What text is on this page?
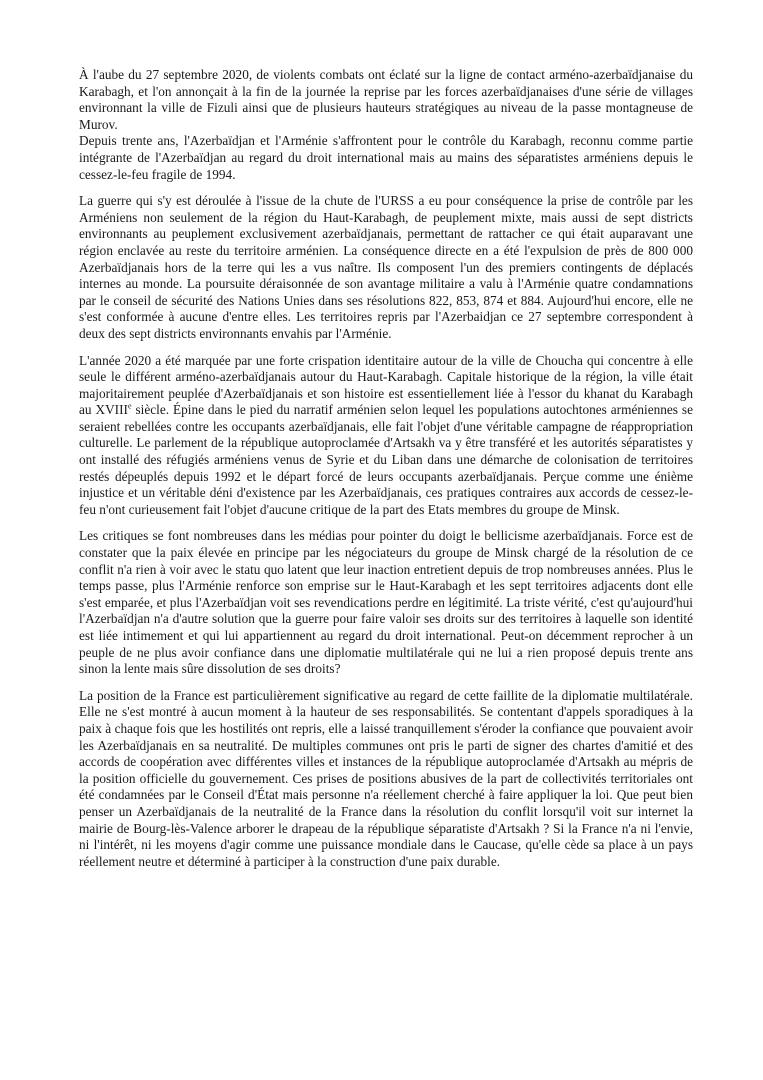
À l'aube du 27 septembre 2020, de violents combats ont éclaté sur la ligne de contact arméno-azerbaïdjanaise du Karabagh, et l'on annonçait à la fin de la journée la reprise par les forces azerbaïdjanaises d'une série de villages environnant la ville de Fizuli ainsi que de plusieurs hauteurs stratégiques au niveau de la passe montagneuse de Murov.

Depuis trente ans, l'Azerbaïdjan et l'Arménie s'affrontent pour le contrôle du Karabagh, reconnu comme partie intégrante de l'Azerbaïdjan au regard du droit international mais au mains des séparatistes arméniens depuis le cessez-le-feu fragile de 1994.

La guerre qui s'y est déroulée à l'issue de la chute de l'URSS a eu pour conséquence la prise de contrôle par les Arméniens non seulement de la région du Haut-Karabagh, de peuplement mixte, mais aussi de sept districts environnants au peuplement exclusivement azerbaïdjanais, permettant de rattacher ce qui était auparavant une région enclavée au reste du territoire arménien. La conséquence directe en a été l'expulsion de près de 800 000 Azerbaïdjanais hors de la terre qui les a vus naître. Ils composent l'un des premiers contingents de déplacés internes au monde. La poursuite déraisonnée de son avantage militaire a valu à l'Arménie quatre condamnations par le conseil de sécurité des Nations Unies dans ses résolutions 822, 853, 874 et 884. Aujourd'hui encore, elle ne s'est conformée à aucune d'entre elles. Les territoires repris par l'Azerbaidjan ce 27 septembre correspondent à deux des sept districts environnants envahis par l'Arménie.

L'année 2020 a été marquée par une forte crispation identitaire autour de la ville de Choucha qui concentre à elle seule le différent arméno-azerbaïdjanais autour du Haut-Karabagh. Capitale historique de la région, la ville était majoritairement peuplée d'Azerbaïdjanais et son histoire est essentiellement liée à l'essor du khanat du Karabagh au XVIIIe siècle. Épine dans le pied du narratif arménien selon lequel les populations autochtones arméniennes se seraient rebellées contre les occupants azerbaïdjanais, elle fait l'objet d'une véritable campagne de réappropriation culturelle. Le parlement de la république autoproclamée d'Artsakh va y être transféré et les autorités séparatistes y ont installé des réfugiés arméniens venus de Syrie et du Liban dans une démarche de colonisation de territoires restés dépeuplés depuis 1992 et le départ forcé de leurs occupants azerbaïdjanais. Perçue comme une énième injustice et un véritable déni d'existence par les Azerbaïdjanais, ces pratiques contraires aux accords de cessez-le-feu n'ont curieusement fait l'objet d'aucune critique de la part des Etats membres du groupe de Minsk.

Les critiques se font nombreuses dans les médias pour pointer du doigt le bellicisme azerbaïdjanais. Force est de constater que la paix élevée en principe par les négociateurs du groupe de Minsk chargé de la résolution de ce conflit n'a rien à voir avec le statu quo latent que leur inaction entretient depuis de trop nombreuses années. Plus le temps passe, plus l'Arménie renforce son emprise sur le Haut-Karabagh et les sept territoires adjacents dont elle s'est emparée, et plus l'Azerbaïdjan voit ses revendications perdre en légitimité. La triste vérité, c'est qu'aujourd'hui l'Azerbaïdjan n'a d'autre solution que la guerre pour faire valoir ses droits sur des territoires à laquelle son identité est liée intimement et qui lui appartiennent au regard du droit international. Peut-on décemment reprocher à un peuple de ne plus avoir confiance dans une diplomatie multilatérale qui ne lui a rien proposé depuis trente ans sinon la lente mais sûre dissolution de ses droits?

La position de la France est particulièrement significative au regard de cette faillite de la diplomatie multilatérale. Elle ne s'est montré à aucun moment à la hauteur de ses responsabilités. Se contentant d'appels sporadiques à la paix à chaque fois que les hostilités ont repris, elle a laissé tranquillement s'éroder la confiance que pouvaient avoir les Azerbaïdjanais en sa neutralité. De multiples communes ont pris le parti de signer des chartes d'amitié et des accords de coopération avec différentes villes et instances de la république autoproclamée d'Artsakh au mépris de la position officielle du gouvernement. Ces prises de positions abusives de la part de collectivités territoriales ont été condamnées par le Conseil d'État mais personne n'a réellement cherché à faire appliquer la loi. Que peut bien penser un Azerbaïdjanais de la neutralité de la France dans la résolution du conflit lorsqu'il voit sur internet la mairie de Bourg-lès-Valence arborer le drapeau de la république séparatiste d'Artsakh ? Si la France n'a ni l'envie, ni l'intérêt, ni les moyens d'agir comme une puissance mondiale dans le Caucase, qu'elle cède sa place à un pays réellement neutre et déterminé à participer à la construction d'une paix durable.
